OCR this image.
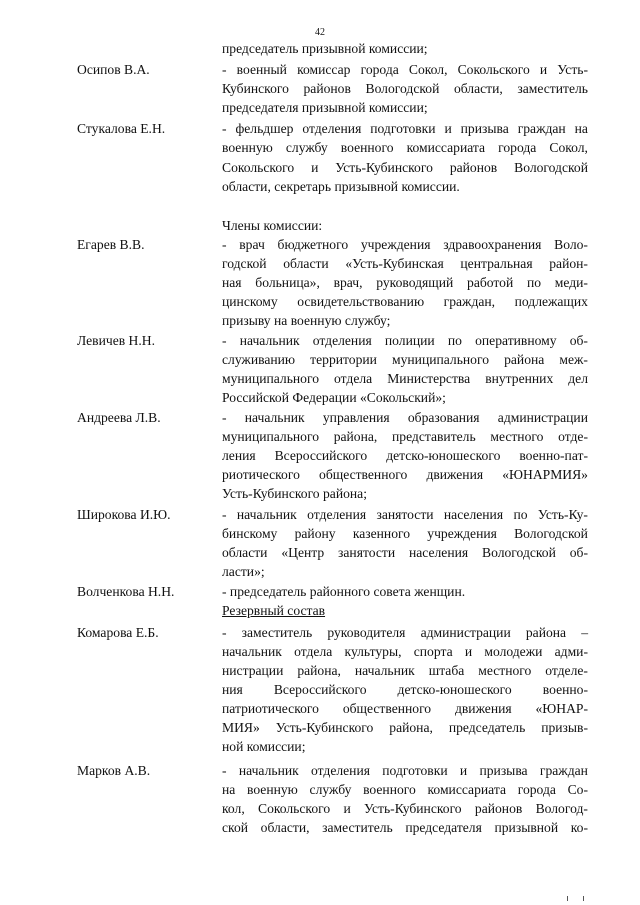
42
председатель призывной комиссии;
Осипов В.А.	- военный комиссар города Сокол, Сокольского и Усть-
Кубинского районов Вологодской области, заместитель
председателя призывной комиссии;
Стукалова Е.Н.	- фельдшер отделения подготовки и призыва граждан на
военную службу военного комиссариата города Сокол,
Сокольского и Усть-Кубинского районов Вологодской
области, секретарь призывной комиссии.
Члены комиссии:
Егарев В.В.	- врач бюджетного учреждения здравоохранения Воло-
годской области «Усть-Кубинская центральная район-
ная больница», врач, руководящий работой по меди-
цинскому освидетельствованию граждан, подлежащих
призыву на военную службу;
Левичев Н.Н.	- начальник отделения полиции по оперативному об-
служиванию территории муниципального района меж-
муниципального отдела Министерства внутренних дел
Российской Федерации «Сокольский»;
Андреева Л.В.	- начальник управления образования администрации
муниципального района, представитель местного отде-
ления Всероссийского детско-юношеского военно-пат-
риотического общественного движения «ЮНАРМИЯ»
Усть-Кубинского района;
Широкова И.Ю.	- начальник отделения занятости населения по Усть-Ку-
бинскому району казенного учреждения Вологодской
области «Центр занятости населения Вологодской об-
ласти»;
Волченкова Н.Н.	- председатель районного совета женщин.
Резервный состав
Комарова Е.Б.	- заместитель руководителя администрации района –
начальник отдела культуры, спорта и молодежи адми-
нистрации района, начальник штаба местного отделе-
ния Всероссийского детско-юношеского военно-
патриотического общественного движения «ЮНАР-
МИЯ» Усть-Кубинского района, председатель призыв-
ной комиссии;
Марков А.В.	- начальник отделения подготовки и призыва граждан
на военную службу военного комиссариата города Со-
кол, Сокольского и Усть-Кубинского районов Вологод-
ской области, заместитель председателя призывной ко-
